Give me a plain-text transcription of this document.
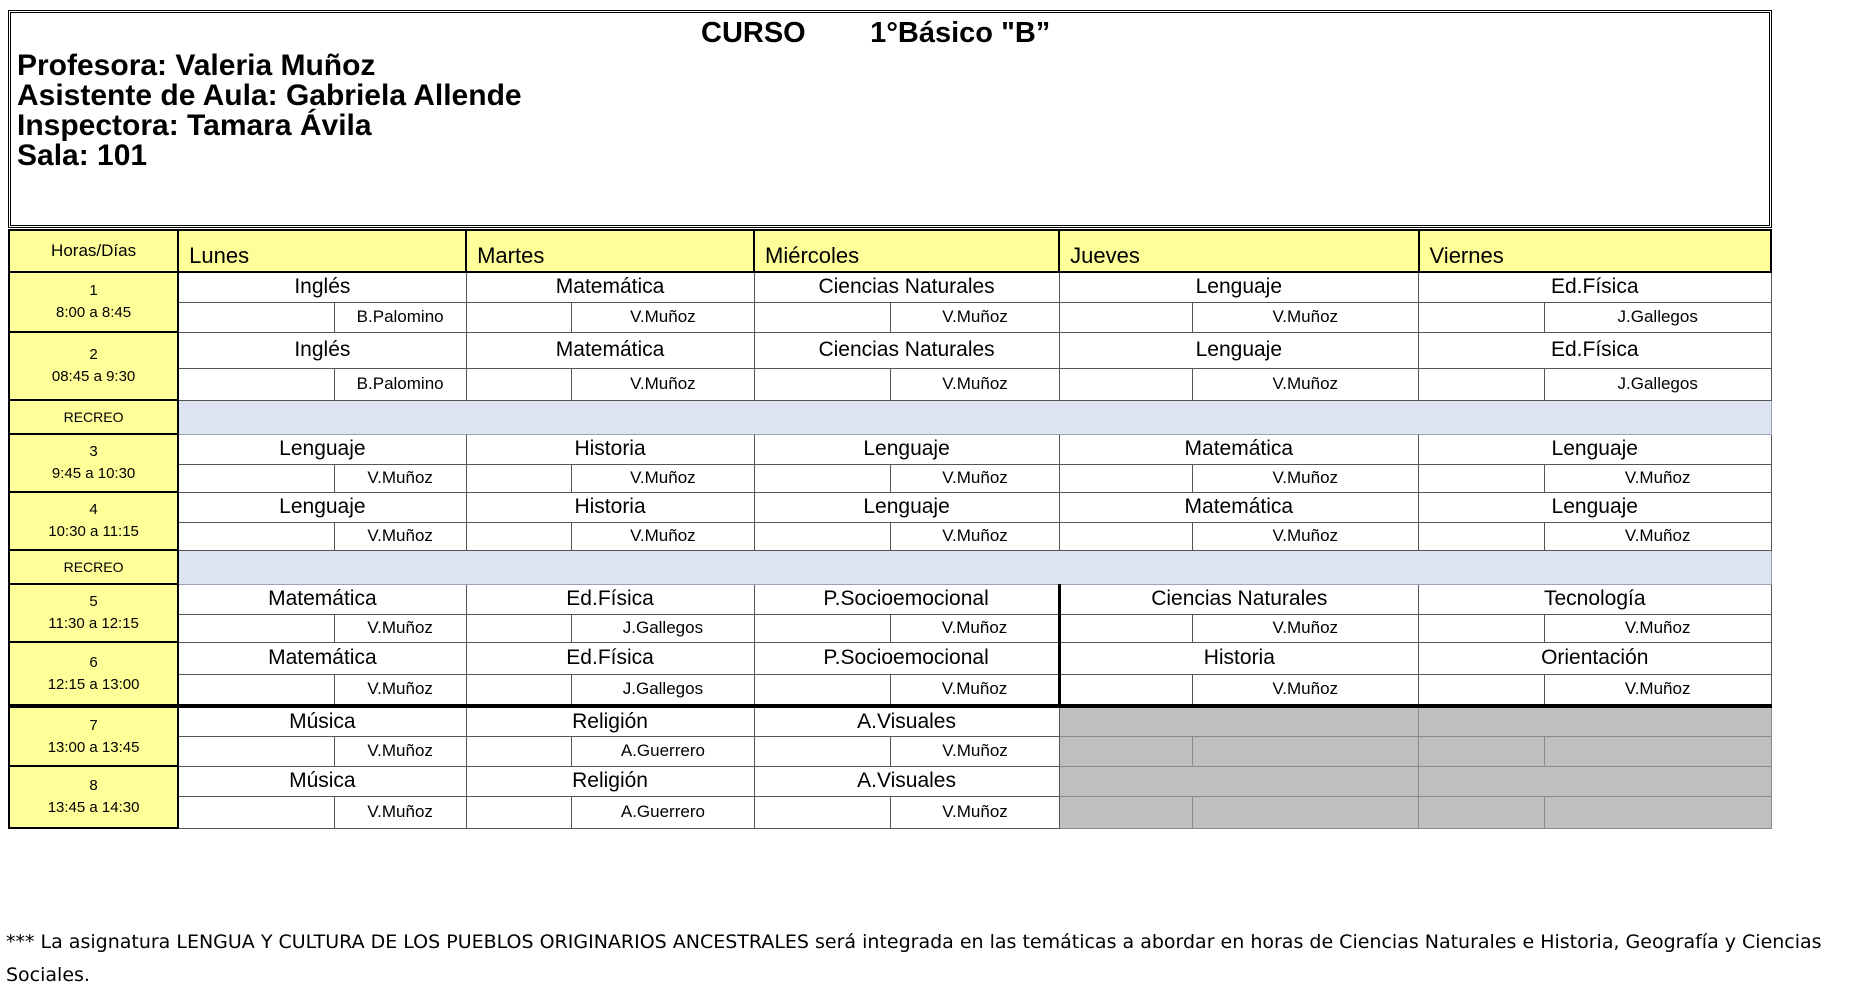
CURSO        1°Básico "B”
Profesora: Valeria Muñoz
Asistente de Aula: Gabriela Allende
Inspectora: Tamara Ávila
Sala: 101
Horas/Días	Lunes		Martes		Miércoles		Jueves		Viernes	

1
8:00 a 8:45	Inglés		Matemática		Ciencias Naturales		Lenguaje		Ed.Física	
		B.Palomino		V.Muñoz		V.Muñoz		V.Muñoz		J.Gallegos

2
08:45 a 9:30	Inglés		Matemática		Ciencias Naturales		Lenguaje		Ed.Física	
		B.Palomino		V.Muñoz		V.Muñoz		V.Muñoz		J.Gallegos
RECREO										

3
9:45 a 10:30	Lenguaje		Historia		Lenguaje		Matemática		Lenguaje	
		V.Muñoz		V.Muñoz		V.Muñoz		V.Muñoz		V.Muñoz

4
10:30 a 11:15	Lenguaje		Historia		Lenguaje		Matemática		Lenguaje	
		V.Muñoz		V.Muñoz		V.Muñoz		V.Muñoz		V.Muñoz
RECREO										

5
11:30 a 12:15	Matemática		Ed.Física		P.Socioemocional		Ciencias Naturales		Tecnología	
		V.Muñoz		J.Gallegos		V.Muñoz		V.Muñoz		V.Muñoz

6
12:15 a 13:00	Matemática		Ed.Física		P.Socioemocional		Historia		Orientación	
		V.Muñoz		J.Gallegos		V.Muñoz		V.Muñoz		V.Muñoz

7
13:00 a 13:45	Música		Religión		A.Visuales					
		V.Muñoz		A.Guerrero		V.Muñoz				

8
13:45 a 14:30	Música		Religión		A.Visuales					
		V.Muñoz		A.Guerrero		V.Muñoz				
*** La asignatura LENGUA Y CULTURA DE LOS PUEBLOS ORIGINARIOS ANCESTRALES será integrada en las temáticas a abordar en horas de Ciencias Naturales e Historia, Geografía y Ciencias Sociales.
